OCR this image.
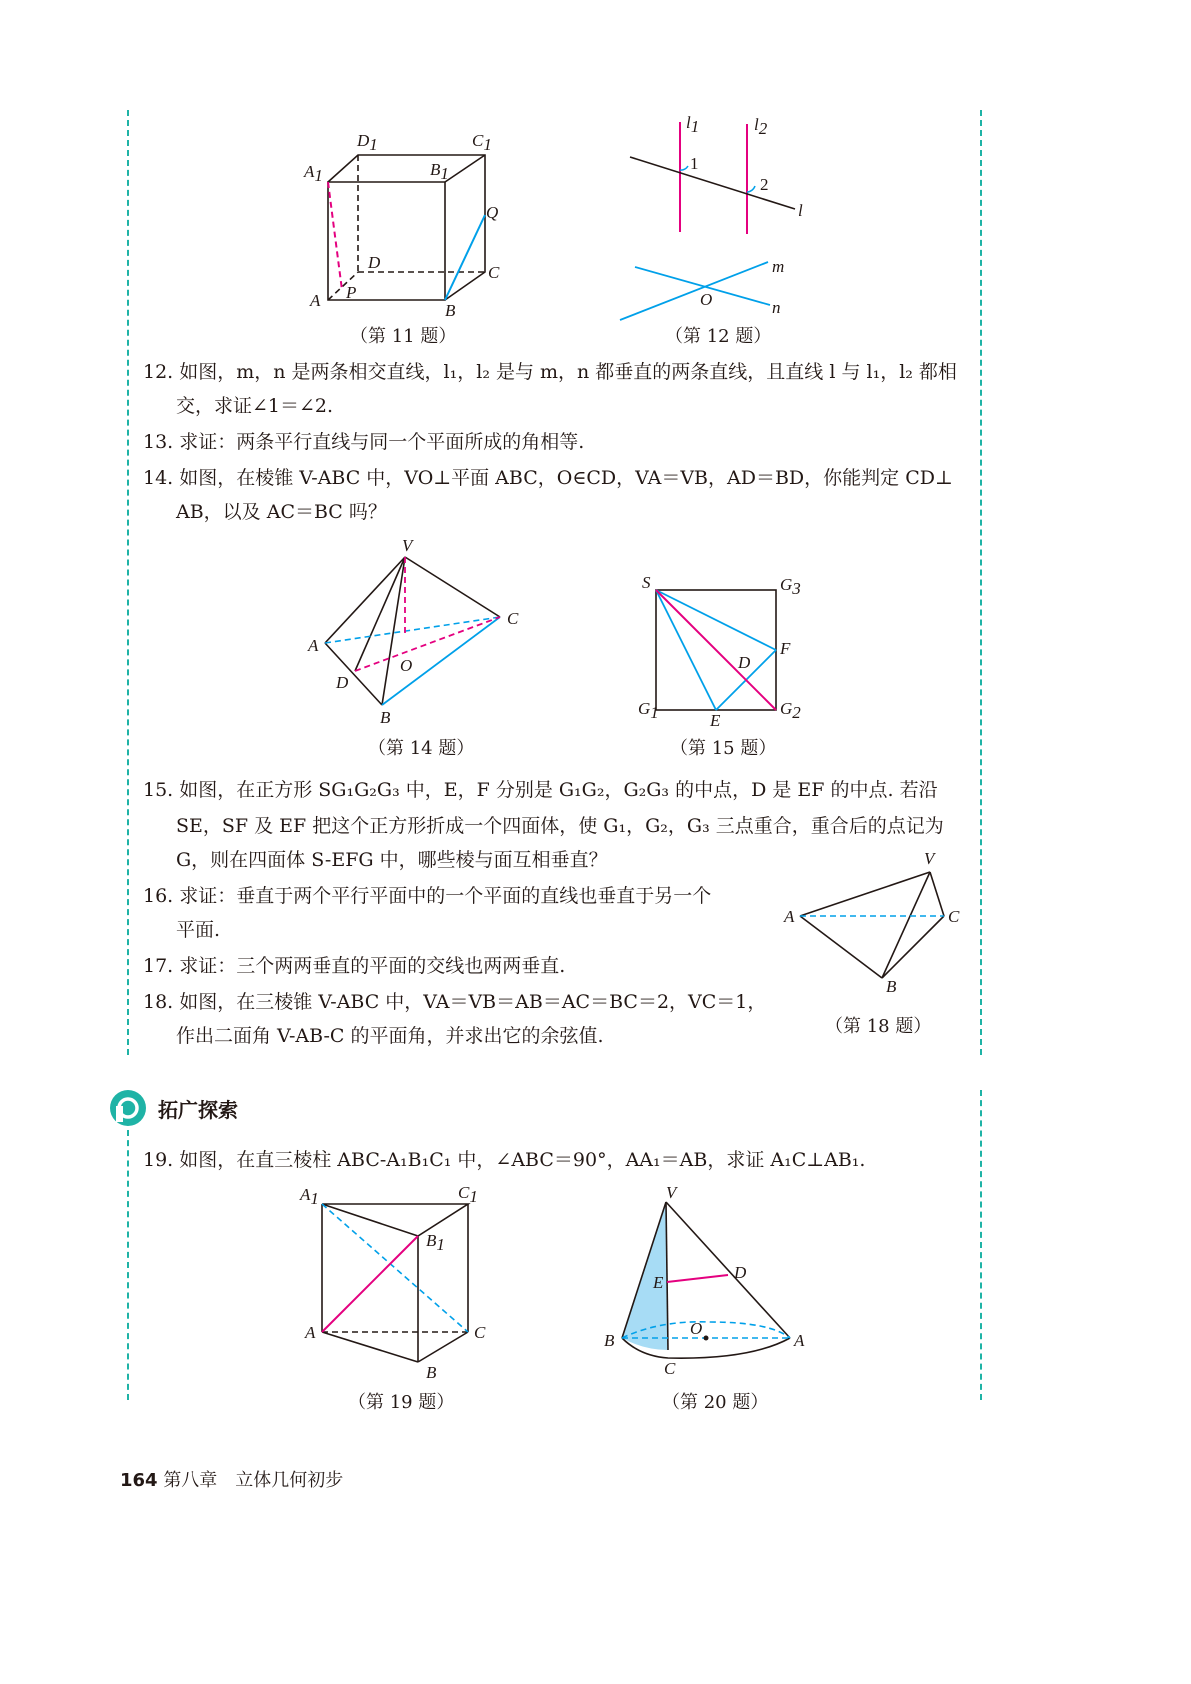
A1
D1	C1
B1
Q
D
C
A P
B
（第 11 题）
l1	l2
1
2
l
m
O	n
（第 12 题）
12. 如图，m，n 是两条相交直线，l₁，l₂ 是与 m，n 都垂直的两条直线，且直线 l 与 l₁，l₂ 都相
交，求证∠1＝∠2.
13. 求证：两条平行直线与同一个平面所成的角相等.
14. 如图，在棱锥 V-ABC 中，VO⊥平面 ABC，O∈CD，VA＝VB，AD＝BD，你能判定 CD⊥
AB，以及 AC＝BC 吗？
V
A
C
O
D
B
（第 14 题）
S	G3
F
D
G1	G2
E
（第 15 题）
15. 如图，在正方形 SG₁G₂G₃ 中，E，F 分别是 G₁G₂，G₂G₃ 的中点，D 是 EF 的中点. 若沿
SE，SF 及 EF 把这个正方形折成一个四面体，使 G₁，G₂，G₃ 三点重合，重合后的点记为
G，则在四面体 S-EFG 中，哪些棱与面互相垂直？
16. 求证：垂直于两个平行平面中的一个平面的直线也垂直于另一个
平面.
17. 求证：三个两两垂直的平面的交线也两两垂直.
18. 如图，在三棱锥 V-ABC 中，VA＝VB＝AB＝AC＝BC＝2，VC＝1，
作出二面角 V-AB-C 的平面角，并求出它的余弦值.
V
A	C
B
（第 18 题）
拓广探索
19. 如图，在直三棱柱 ABC-A₁B₁C₁ 中，∠ABC＝90°，AA₁＝AB，求证 A₁C⊥AB₁.
A1	C1
B1
A	C
B
（第 19 题）
V
D
E
O
A
B
C
（第 20 题）
164 第八章　立体几何初步
